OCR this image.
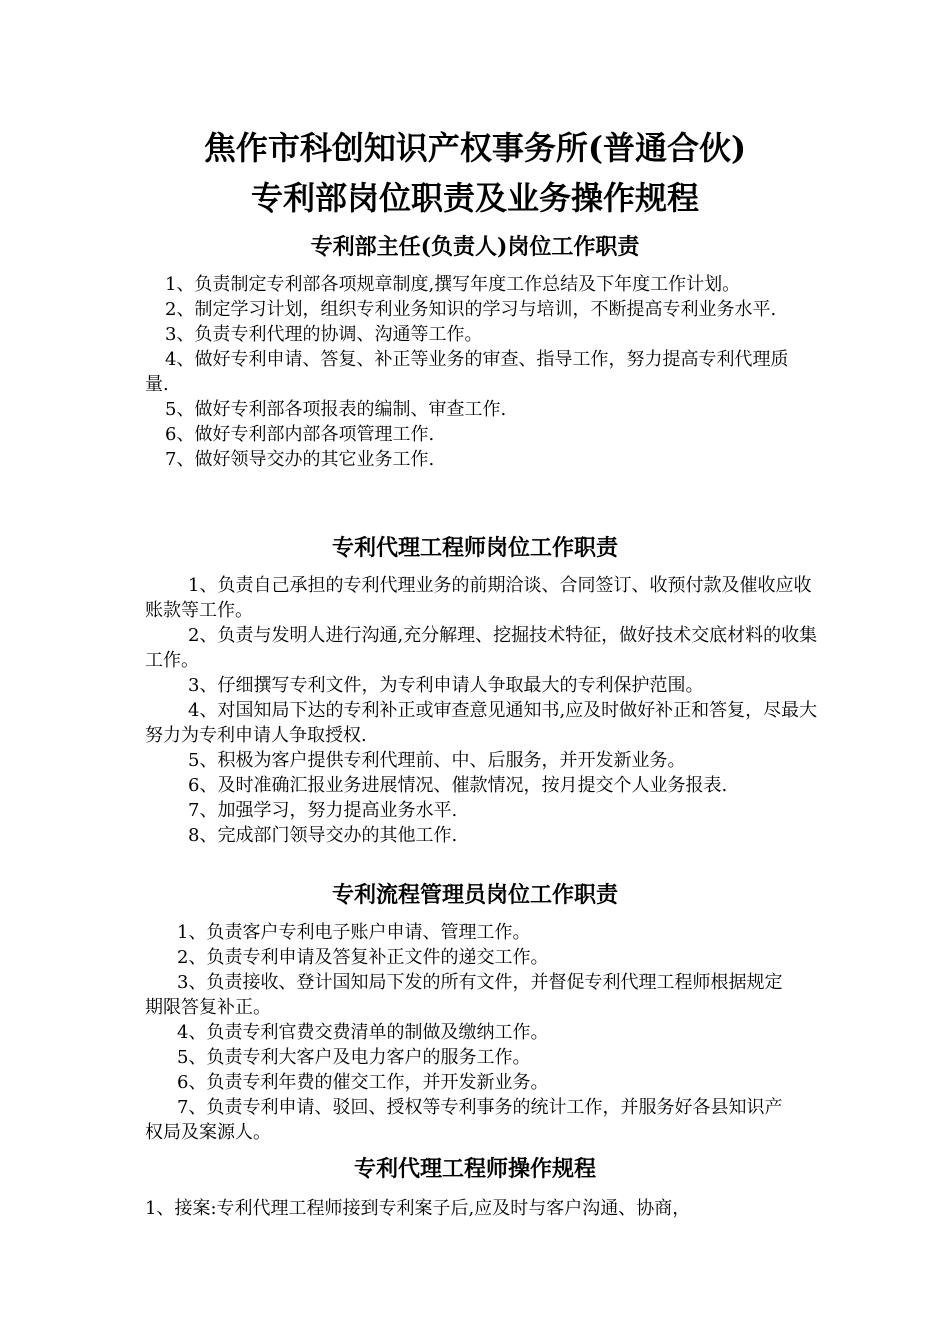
焦作市科创知识产权事务所(普通合伙)
专利部岗位职责及业务操作规程
专利部主任(负责人)岗位工作职责

1、负责制定专利部各项规章制度,撰写年度工作总结及下年度工作计划。

2、制定学习计划，组织专利业务知识的学习与培训，不断提高专利业务水平.

3、负责专利代理的协调、沟通等工作。

4、做好专利申请、答复、补正等业务的审查、指导工作，努力提高专利代理质量.

5、做好专利部各项报表的编制、审查工作.

6、做好专利部内部各项管理工作.

7、做好领导交办的其它业务工作.

专利代理工程师岗位工作职责

1、负责自己承担的专利代理业务的前期洽谈、合同签订、收预付款及催收应收账款等工作。

2、负责与发明人进行沟通,充分解理、挖掘技术特征，做好技术交底材料的收集工作。

3、仔细撰写专利文件，为专利申请人争取最大的专利保护范围。

4、对国知局下达的专利补正或审查意见通知书,应及时做好补正和答复，尽最大努力为专利申请人争取授权.

5、积极为客户提供专利代理前、中、后服务，并开发新业务。

6、及时准确汇报业务进展情况、催款情况，按月提交个人业务报表.

7、加强学习，努力提高业务水平.

8、完成部门领导交办的其他工作.

专利流程管理员岗位工作职责

1、负责客户专利电子账户申请、管理工作。

2、负责专利申请及答复补正文件的递交工作。

3、负责接收、登计国知局下发的所有文件，并督促专利代理工程师根据规定期限答复补正。

4、负责专利官费交费清单的制做及缴纳工作。

5、负责专利大客户及电力客户的服务工作。

6、负责专利年费的催交工作，并开发新业务。

7、负责专利申请、驳回、授权等专利事务的统计工作，并服务好各县知识产权局及案源人。

专利代理工程师操作规程

1、接案:专利代理工程师接到专利案子后,应及时与客户沟通、协商，
